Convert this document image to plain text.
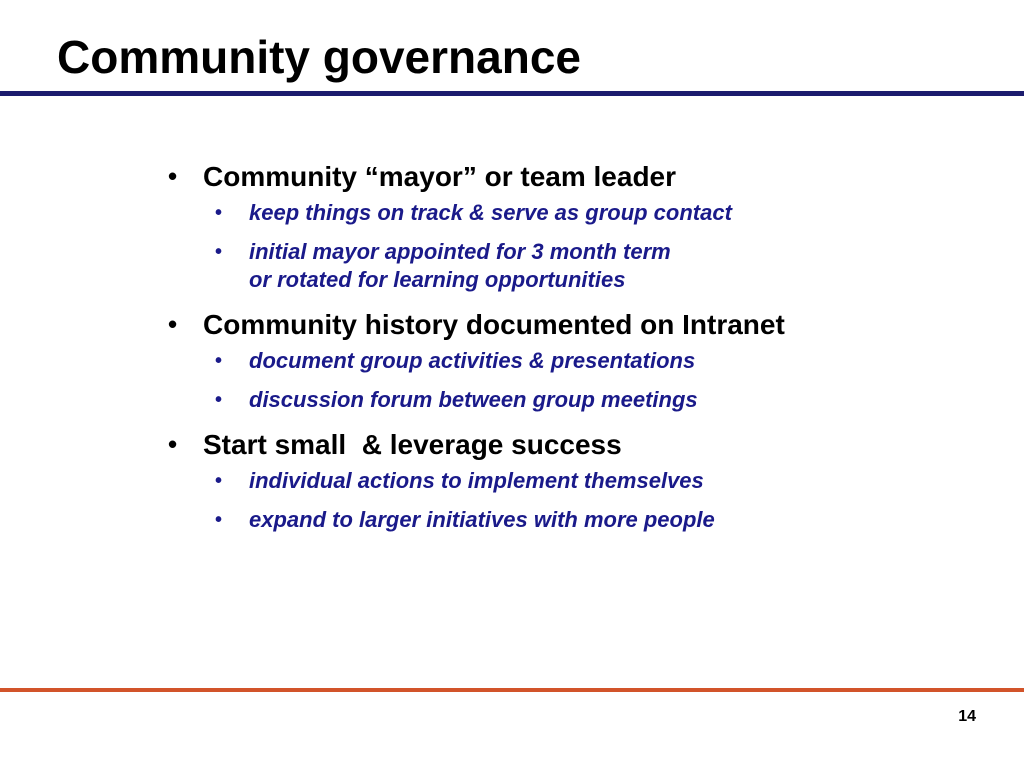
Community governance
• Community “mayor” or team leader
• keep things on track & serve as group contact
• initial mayor appointed for 3 month term
or rotated for learning opportunities
• Community history documented on Intranet
• document group activities & presentations
• discussion forum between group meetings
• Start small  & leverage success
• individual actions to implement themselves
• expand to larger initiatives with more people
14
